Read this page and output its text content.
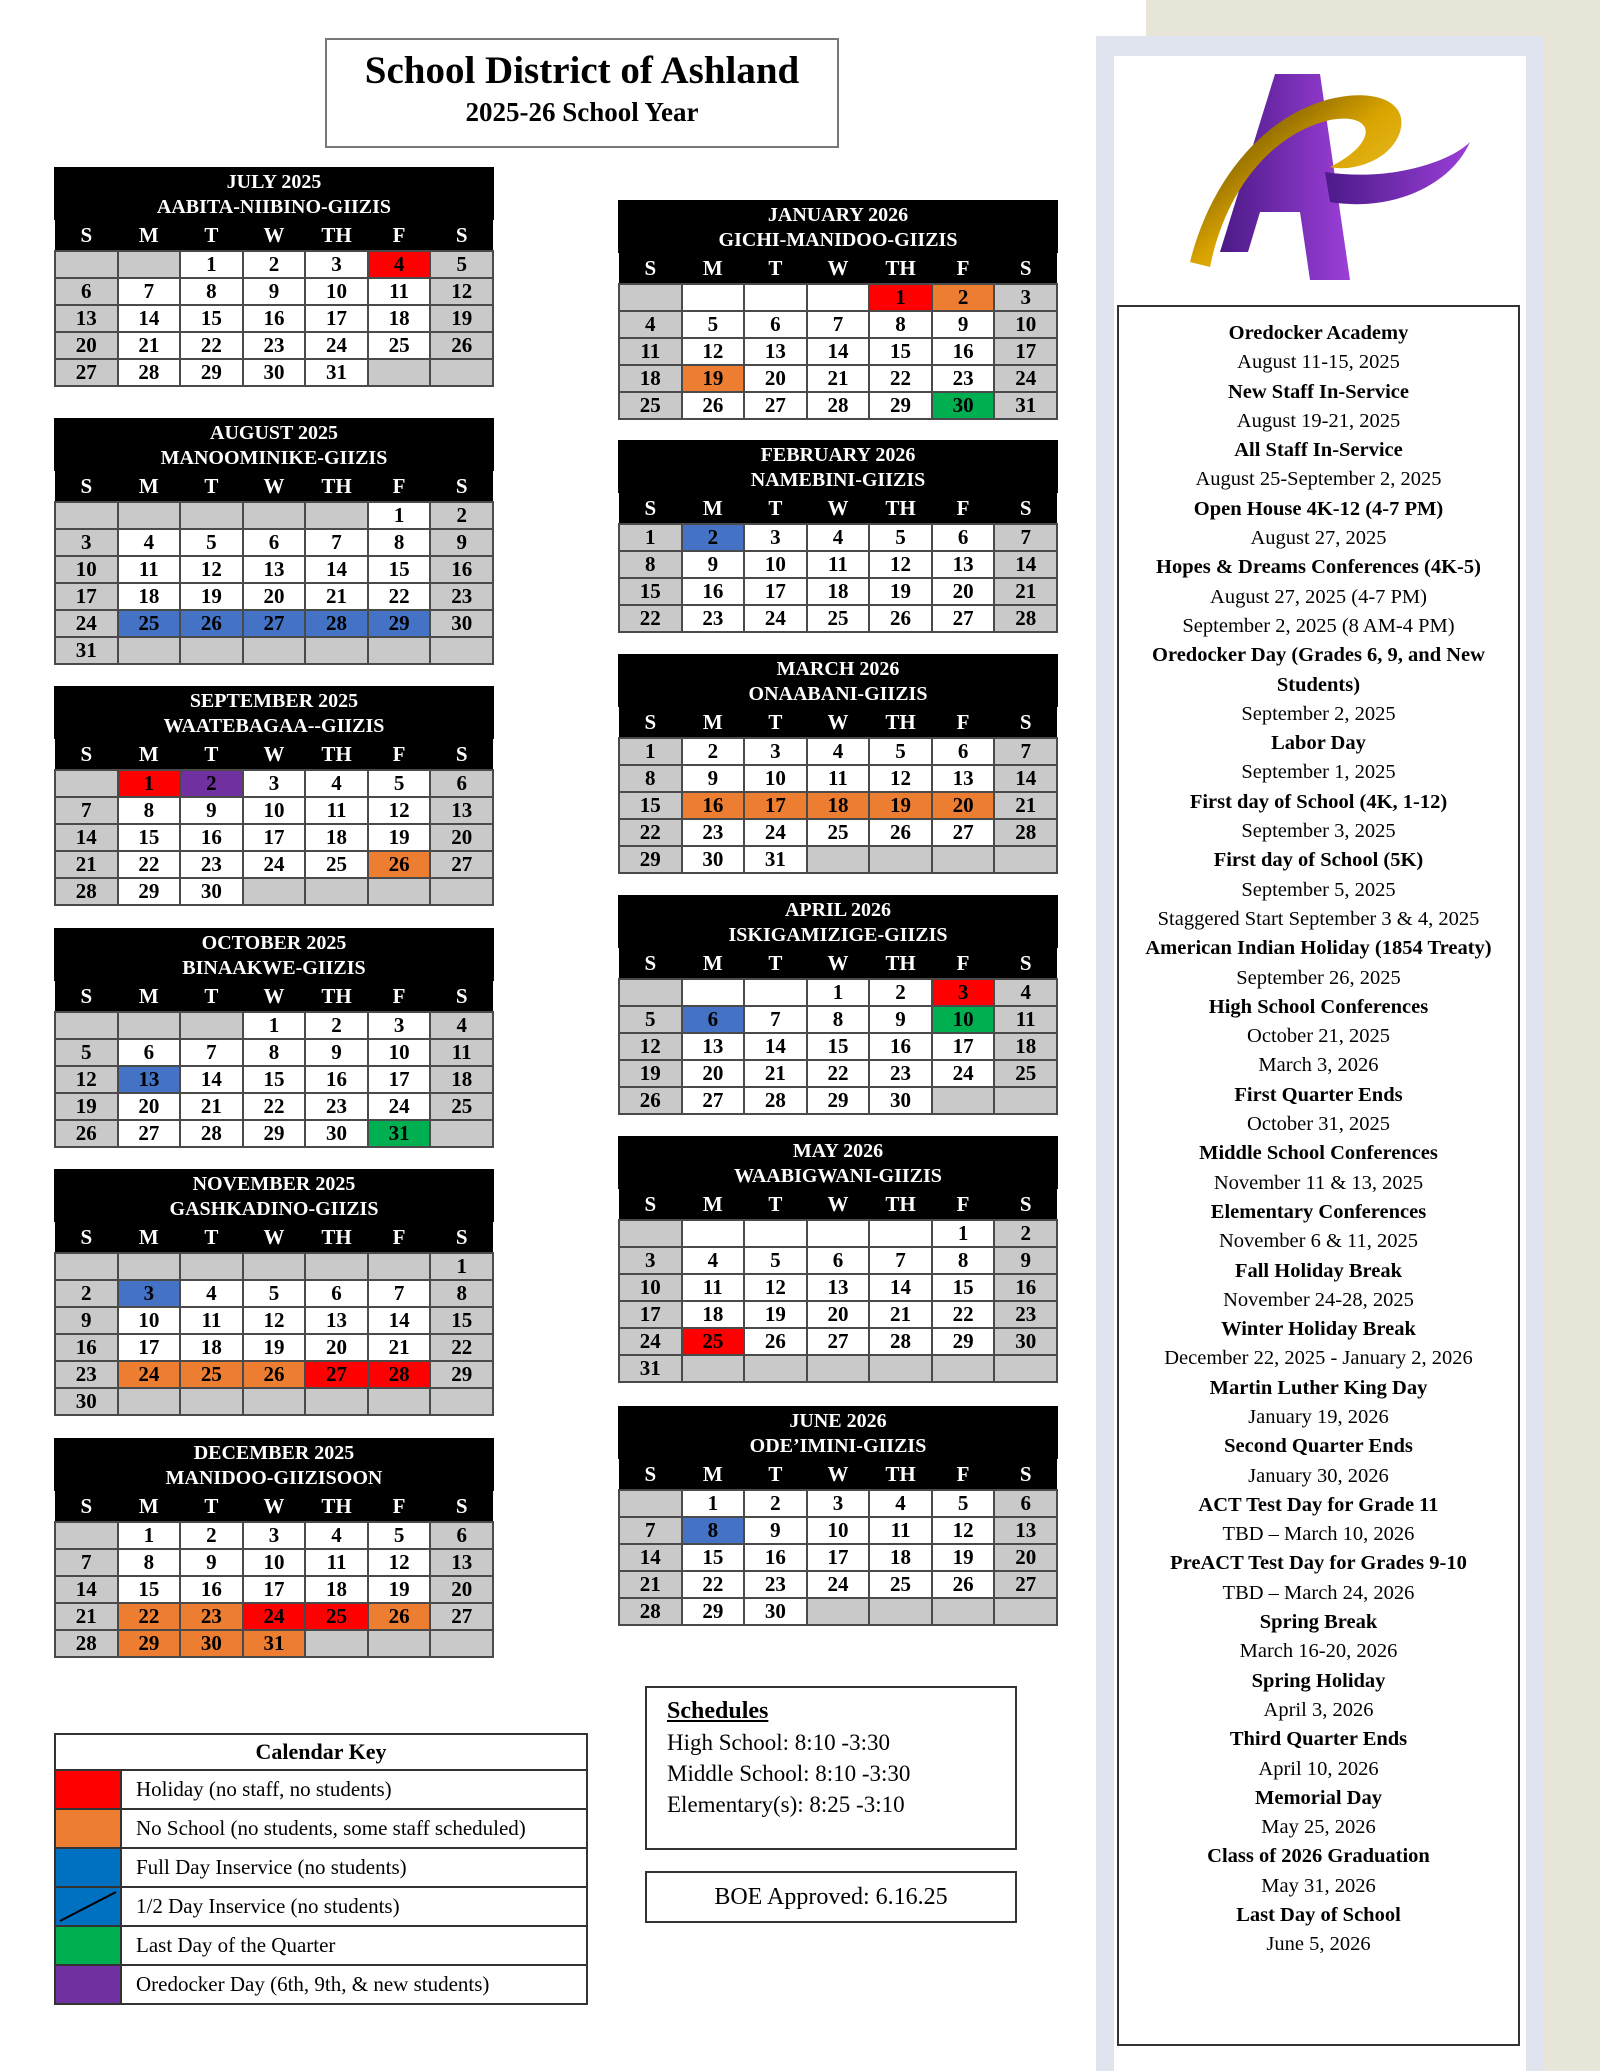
School District of Ashland
2025-26 School Year
JULY 2025
AABITA-NIIBINO-GIIZIS
S	M	T	W	TH	F	S
		1	2	3	4	5
6	7	8	9	10	11	12
13	14	15	16	17	18	19
20	21	22	23	24	25	26
27	28	29	30	31		
AUGUST 2025
MANOOMINIKE-GIIZIS
S	M	T	W	TH	F	S
					1	2
3	4	5	6	7	8	9
10	11	12	13	14	15	16
17	18	19	20	21	22	23
24	25	26	27	28	29	30
31						
SEPTEMBER 2025
WAATEBAGAA--GIIZIS
S	M	T	W	TH	F	S
	1	2	3	4	5	6
7	8	9	10	11	12	13
14	15	16	17	18	19	20
21	22	23	24	25	26	27
28	29	30				
OCTOBER 2025
BINAAKWE-GIIZIS
S	M	T	W	TH	F	S
			1	2	3	4
5	6	7	8	9	10	11
12	13	14	15	16	17	18
19	20	21	22	23	24	25
26	27	28	29	30	31	
NOVEMBER 2025
GASHKADINO-GIIZIS
S	M	T	W	TH	F	S
						1
2	3	4	5	6	7	8
9	10	11	12	13	14	15
16	17	18	19	20	21	22
23	24	25	26	27	28	29
30						
DECEMBER 2025
MANIDOO-GIIZISOON
S	M	T	W	TH	F	S
	1	2	3	4	5	6
7	8	9	10	11	12	13
14	15	16	17	18	19	20
21	22	23	24	25	26	27
28	29	30	31			
JANUARY 2026
GICHI-MANIDOO-GIIZIS
S	M	T	W	TH	F	S
				1	2	3
4	5	6	7	8	9	10
11	12	13	14	15	16	17
18	19	20	21	22	23	24
25	26	27	28	29	30	31
FEBRUARY 2026
NAMEBINI-GIIZIS
S	M	T	W	TH	F	S
1	2	3	4	5	6	7
8	9	10	11	12	13	14
15	16	17	18	19	20	21
22	23	24	25	26	27	28
MARCH 2026
ONAABANI-GIIZIS
S	M	T	W	TH	F	S
1	2	3	4	5	6	7
8	9	10	11	12	13	14
15	16	17	18	19	20	21
22	23	24	25	26	27	28
29	30	31				
APRIL 2026
ISKIGAMIZIGE-GIIZIS
S	M	T	W	TH	F	S
			1	2	3	4
5	6	7	8	9	10	11
12	13	14	15	16	17	18
19	20	21	22	23	24	25
26	27	28	29	30		
MAY 2026
WAABIGWANI-GIIZIS
S	M	T	W	TH	F	S
					1	2
3	4	5	6	7	8	9
10	11	12	13	14	15	16
17	18	19	20	21	22	23
24	25	26	27	28	29	30
31						
JUNE 2026
ODE’IMINI-GIIZIS
S	M	T	W	TH	F	S
	1	2	3	4	5	6
7	8	9	10	11	12	13
14	15	16	17	18	19	20
21	22	23	24	25	26	27
28	29	30				
Calendar Key
Holiday (no staff, no students)
No School (no students, some staff scheduled)
Full Day Inservice (no students)
1/2 Day Inservice (no students)
Last Day of the Quarter
Oredocker Day (6th, 9th, & new students)
Schedules
High School: 8:10 -3:30
Middle School: 8:10 -3:30
Elementary(s): 8:25 -3:10
BOE Approved: 6.16.25
Oredocker Academy
August 11-15, 2025
New Staff In-Service
August 19-21, 2025
All Staff In-Service
August 25-September 2, 2025
Open House 4K-12 (4-7 PM)
August 27, 2025
Hopes & Dreams Conferences (4K-5)
August 27, 2025 (4-7 PM)
September 2, 2025 (8 AM-4 PM)
Oredocker Day (Grades 6, 9, and New Students)
September 2, 2025
Labor Day
September 1, 2025
First day of School (4K, 1-12)
September 3, 2025
First day of School (5K)
September 5, 2025
Staggered Start September 3 & 4, 2025
American Indian Holiday (1854 Treaty)
September 26, 2025
High School Conferences
October 21, 2025
March 3, 2026
First Quarter Ends
October 31, 2025
Middle School Conferences
November 11 & 13, 2025
Elementary Conferences
November 6 & 11, 2025
Fall Holiday Break
November 24-28, 2025
Winter Holiday Break
December 22, 2025 - January 2, 2026
Martin Luther King Day
January 19, 2026
Second Quarter Ends
January 30, 2026
ACT Test Day for Grade 11
TBD – March 10, 2026
PreACT Test Day for Grades 9-10
TBD – March 24, 2026
Spring Break
March 16-20, 2026
Spring Holiday
April 3, 2026
Third Quarter Ends
April 10, 2026
Memorial Day
May 25, 2026
Class of 2026 Graduation
May 31, 2026
Last Day of School
June 5, 2026
